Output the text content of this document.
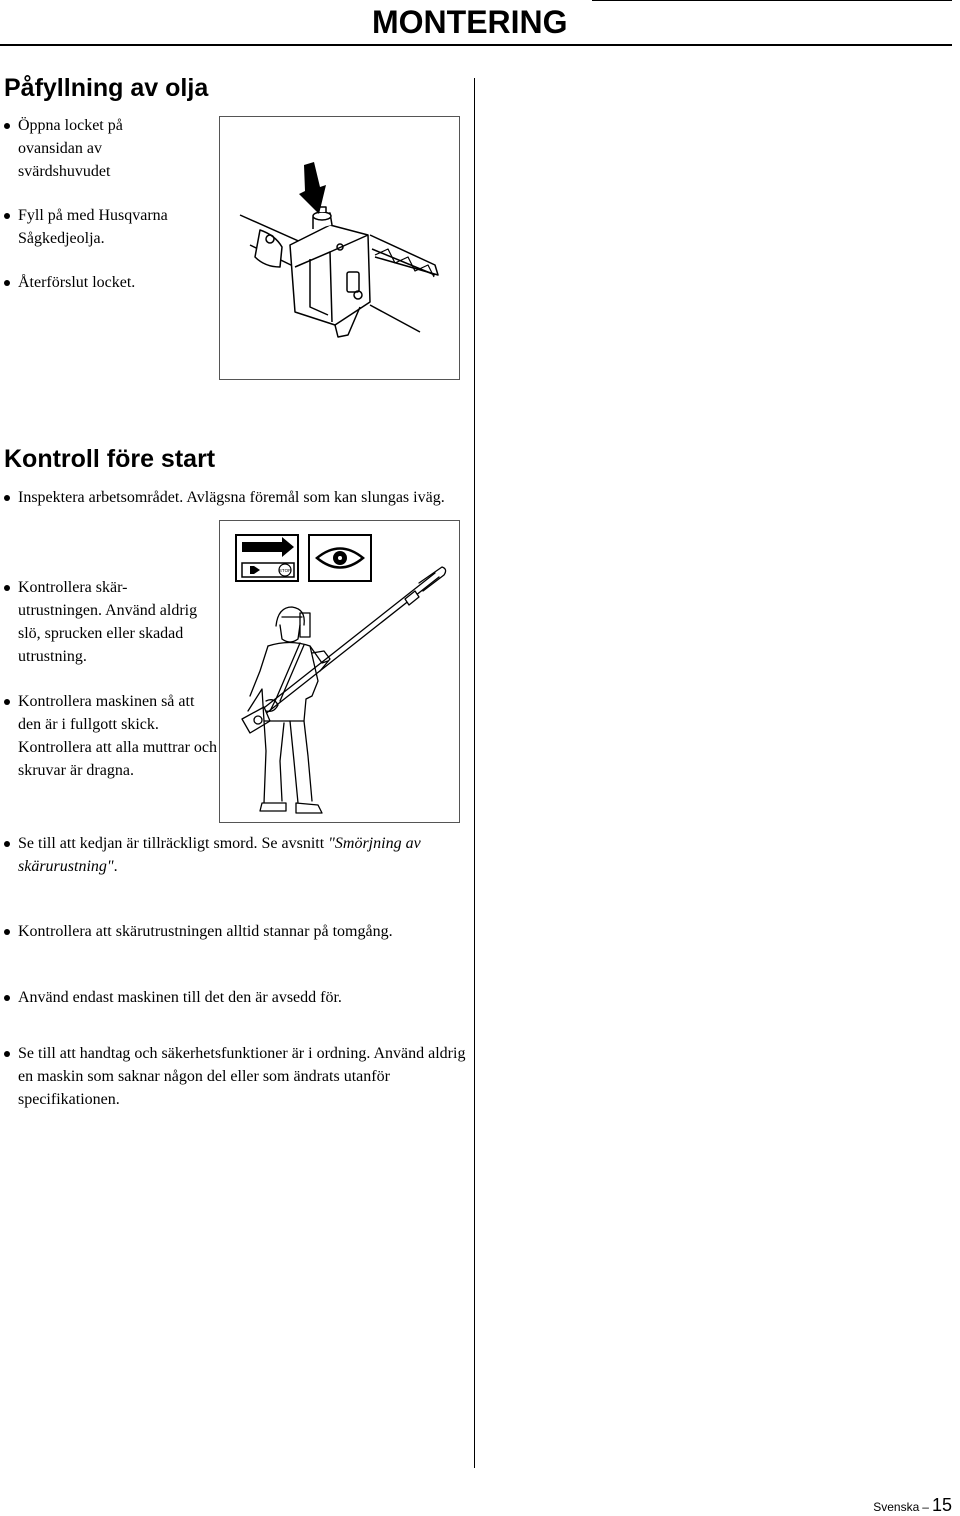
MONTERING
Påfyllning av olja
Öppna locket på ovansidan av svärdshuvudet
Fyll på med Husqvarna Sågkedjeolja.
Återförslut locket.
Kontroll före start
Inspektera arbetsområdet. Avlägsna föremål som kan slungas iväg.
Kontrollera skär-utrustningen. Använd aldrig slö, sprucken eller skadad utrustning.
Kontrollera maskinen så att den är i fullgott skick. Kontrollera att alla muttrar och skruvar är dragna.
STOP
Se till att kedjan är tillräckligt smord. Se avsnitt "Smörjning av skärurustning".
Kontrollera att skärutrustningen alltid stannar på tomgång.
Använd endast maskinen till det den är avsedd för.
Se till att handtag och säkerhetsfunktioner är i ordning. Använd aldrig en maskin som saknar någon del eller som ändrats utanför specifikationen.
Svenska – 15
